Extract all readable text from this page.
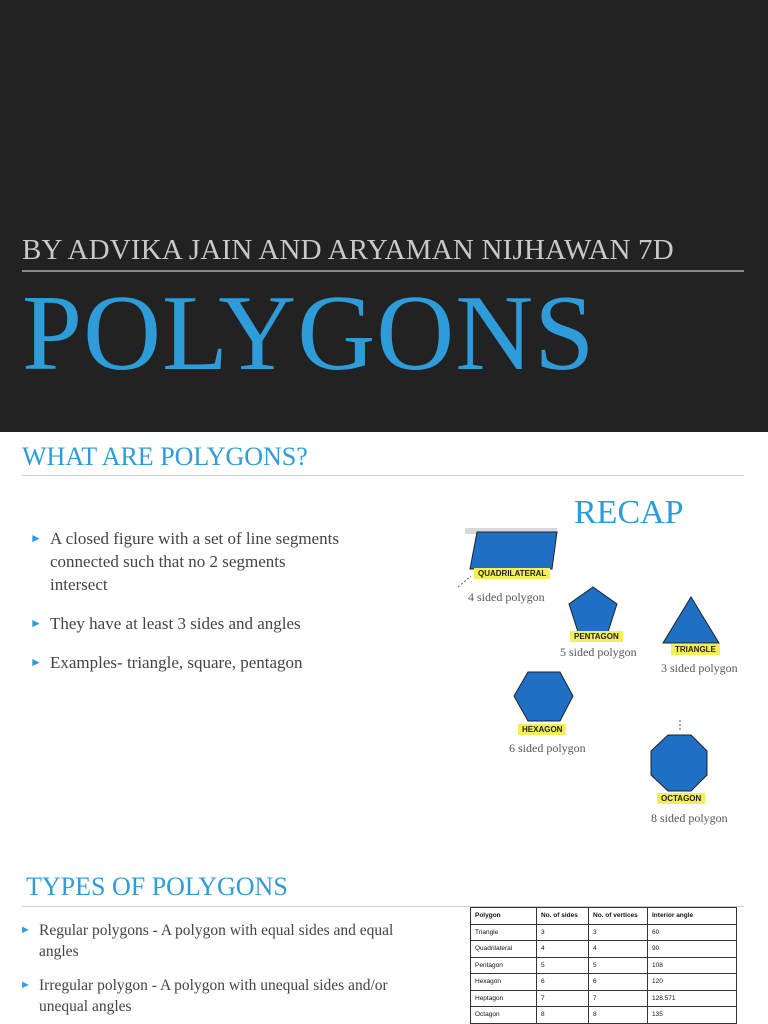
BY ADVIKA JAIN AND ARYAMAN NIJHAWAN 7D
POLYGONS
WHAT ARE POLYGONS?
RECAP
► A closed figure with a set of line segments connected such that no 2 segments intersect
► They have at least 3 sides and angles
► Examples- triangle, square, pentagon
QUADRILATERAL
4 sided polygon
PENTAGON
5 sided polygon	TRIANGLE
3 sided polygon
HEXAGON
6 sided polygon
OCTAGON
8 sided polygon
TYPES OF POLYGONS
► Regular polygons - A polygon with equal sides and equal angles
► Irregular polygon - A polygon with unequal sides and/or unequal angles
Polygon	No. of sides	No. of vertices	Interior angle
Triangle	3	3	60
Quadrilateral	4	4	90
Pentagon	5	5	108
Hexagon	6	6	120
Heptagon	7	7	128.571
Octagon	8	8	135
